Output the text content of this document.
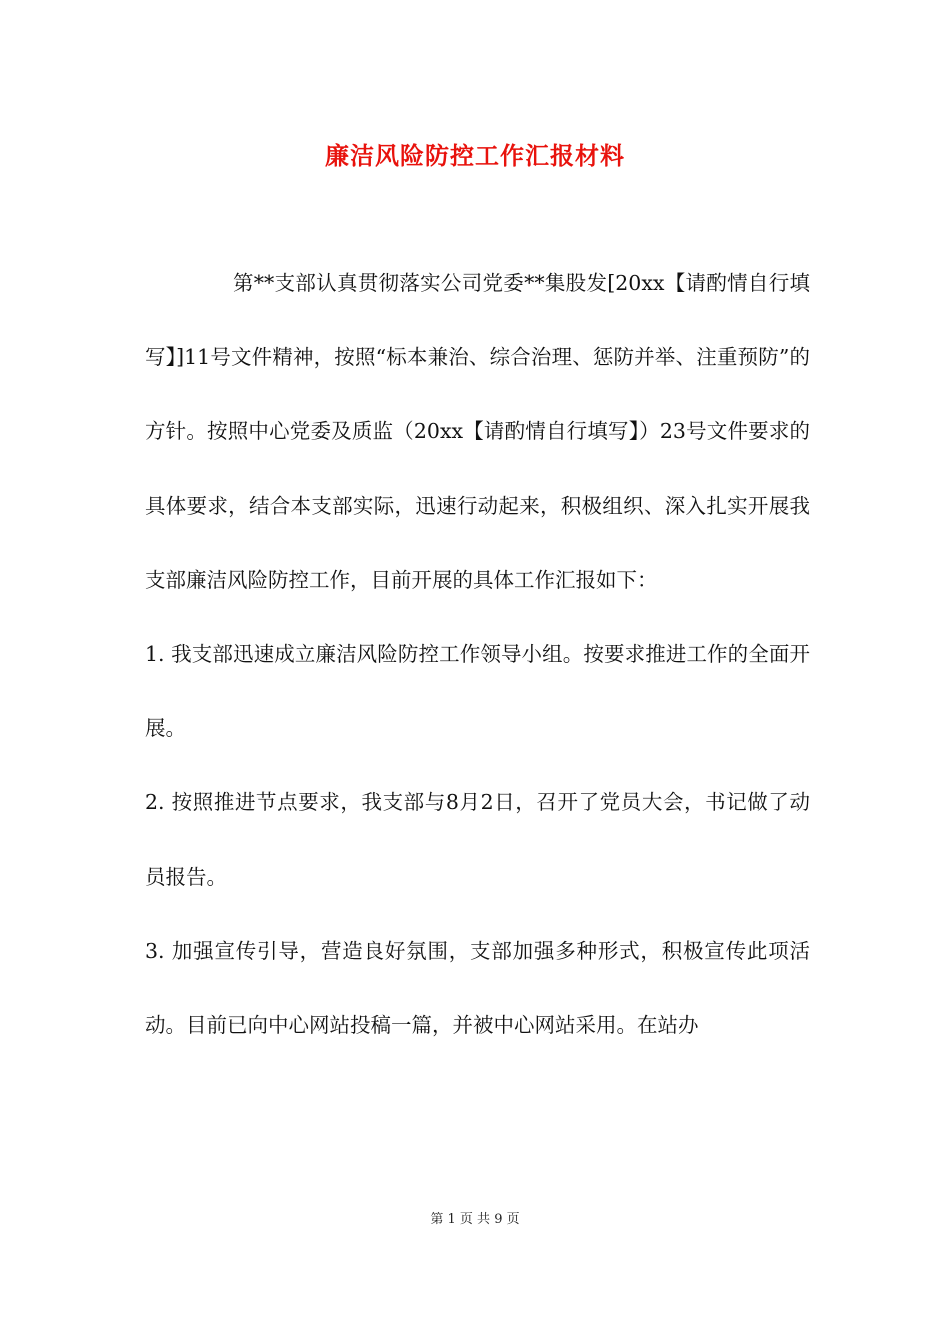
廉洁风险防控工作汇报材料

第**支部认真贯彻落实公司党委**集股发[20xx【请酌情自行填写】]11号文件精神，按照“标本兼治、综合治理、惩防并举、注重预防”的方针。按照中心党委及质监（20xx【请酌情自行填写】）23号文件要求的具体要求，结合本支部实际，迅速行动起来，积极组织、深入扎实开展我支部廉洁风险防控工作，目前开展的具体工作汇报如下：

1. 我支部迅速成立廉洁风险防控工作领导小组。按要求推进工作的全面开展。

2. 按照推进节点要求，我支部与8月2日，召开了党员大会，书记做了动员报告。

3. 加强宣传引导，营造良好氛围，支部加强多种形式，积极宣传此项活动。目前已向中心网站投稿一篇，并被中心网站采用。在站办

第 1 页 共 9 页
